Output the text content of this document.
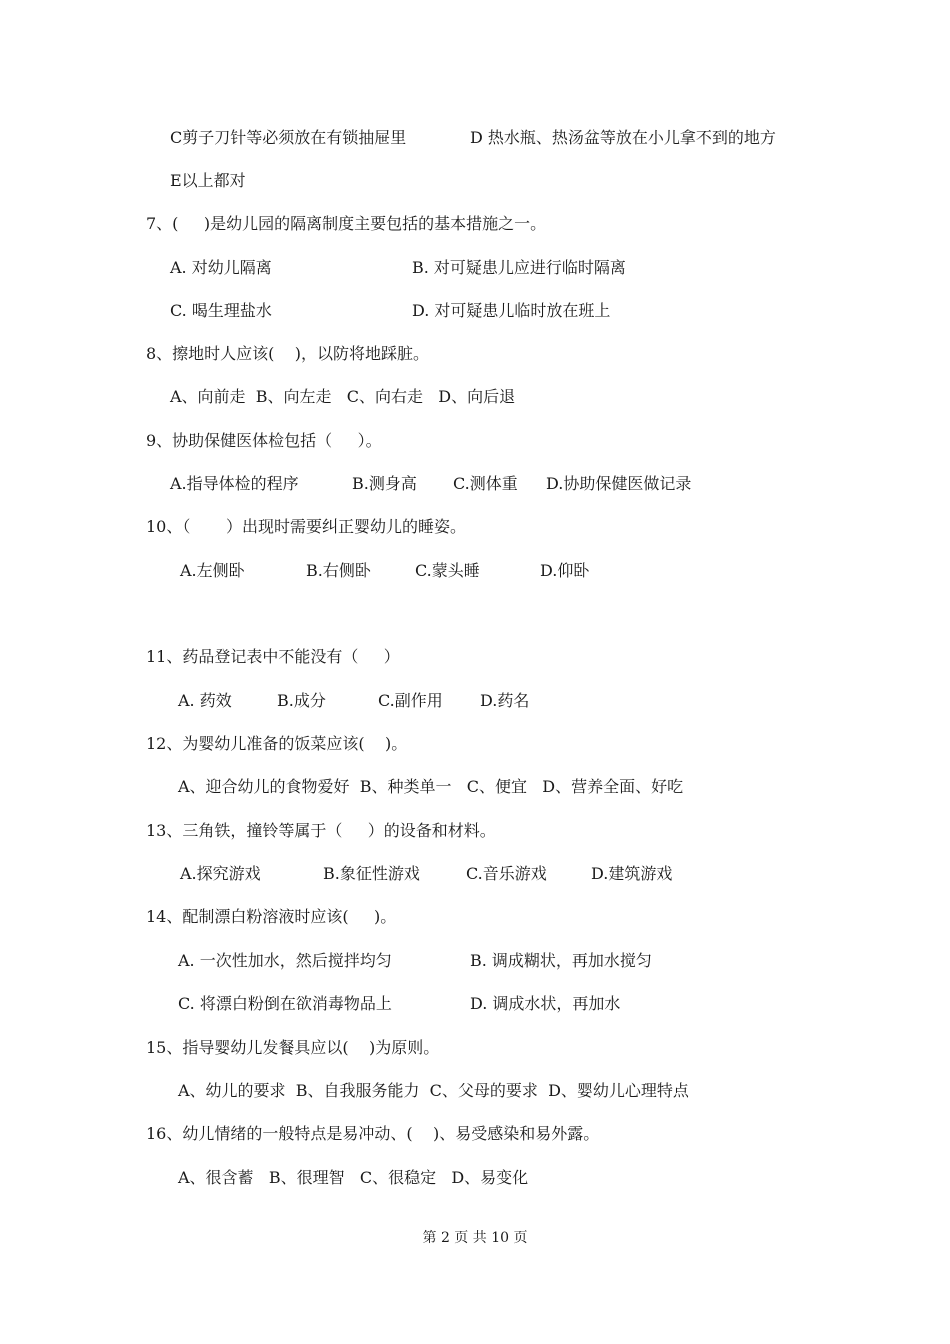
C剪子刀针等必须放在有锁抽屉里	D 热水瓶、热汤盆等放在小儿拿不到的地方
E以上都对
7、(     )是幼儿园的隔离制度主要包括的基本措施之一。
A. 对幼儿隔离	B. 对可疑患儿应进行临时隔离
C. 喝生理盐水	D. 对可疑患儿临时放在班上
8、擦地时人应该(    )，以防将地踩脏。
A、向前走  B、向左走   C、向右走   D、向后退
9、协助保健医体检包括（     ）。
A.指导体检的程序	B.测身高 C.测体重 D.协助保健医做记录
10、（       ）出现时需要纠正婴幼儿的睡姿。
A.左侧卧	B.右侧卧	C.蒙头睡	D.仰卧
11、药品登记表中不能没有（     ）
A. 药效	B.成分	C.副作用 D.药名
12、为婴幼儿准备的饭菜应该(    )。
A、迎合幼儿的食物爱好  B、种类单一   C、便宜   D、营养全面、好吃
13、三角铁，撞铃等属于（     ）的设备和材料。
A.探究游戏	B.象征性游戏	C.音乐游戏	D.建筑游戏
14、配制漂白粉溶液时应该(     )。
A. 一次性加水，然后搅拌均匀	B. 调成糊状，再加水搅匀
C. 将漂白粉倒在欲消毒物品上	D. 调成水状，再加水
15、指导婴幼儿发餐具应以(    )为原则。
A、幼儿的要求  B、自我服务能力  C、父母的要求  D、婴幼儿心理特点
16、幼儿情绪的一般特点是易冲动、(    )、易受感染和易外露。
A、很含蓄   B、很理智   C、很稳定   D、易变化
第 2 页 共 10 页
